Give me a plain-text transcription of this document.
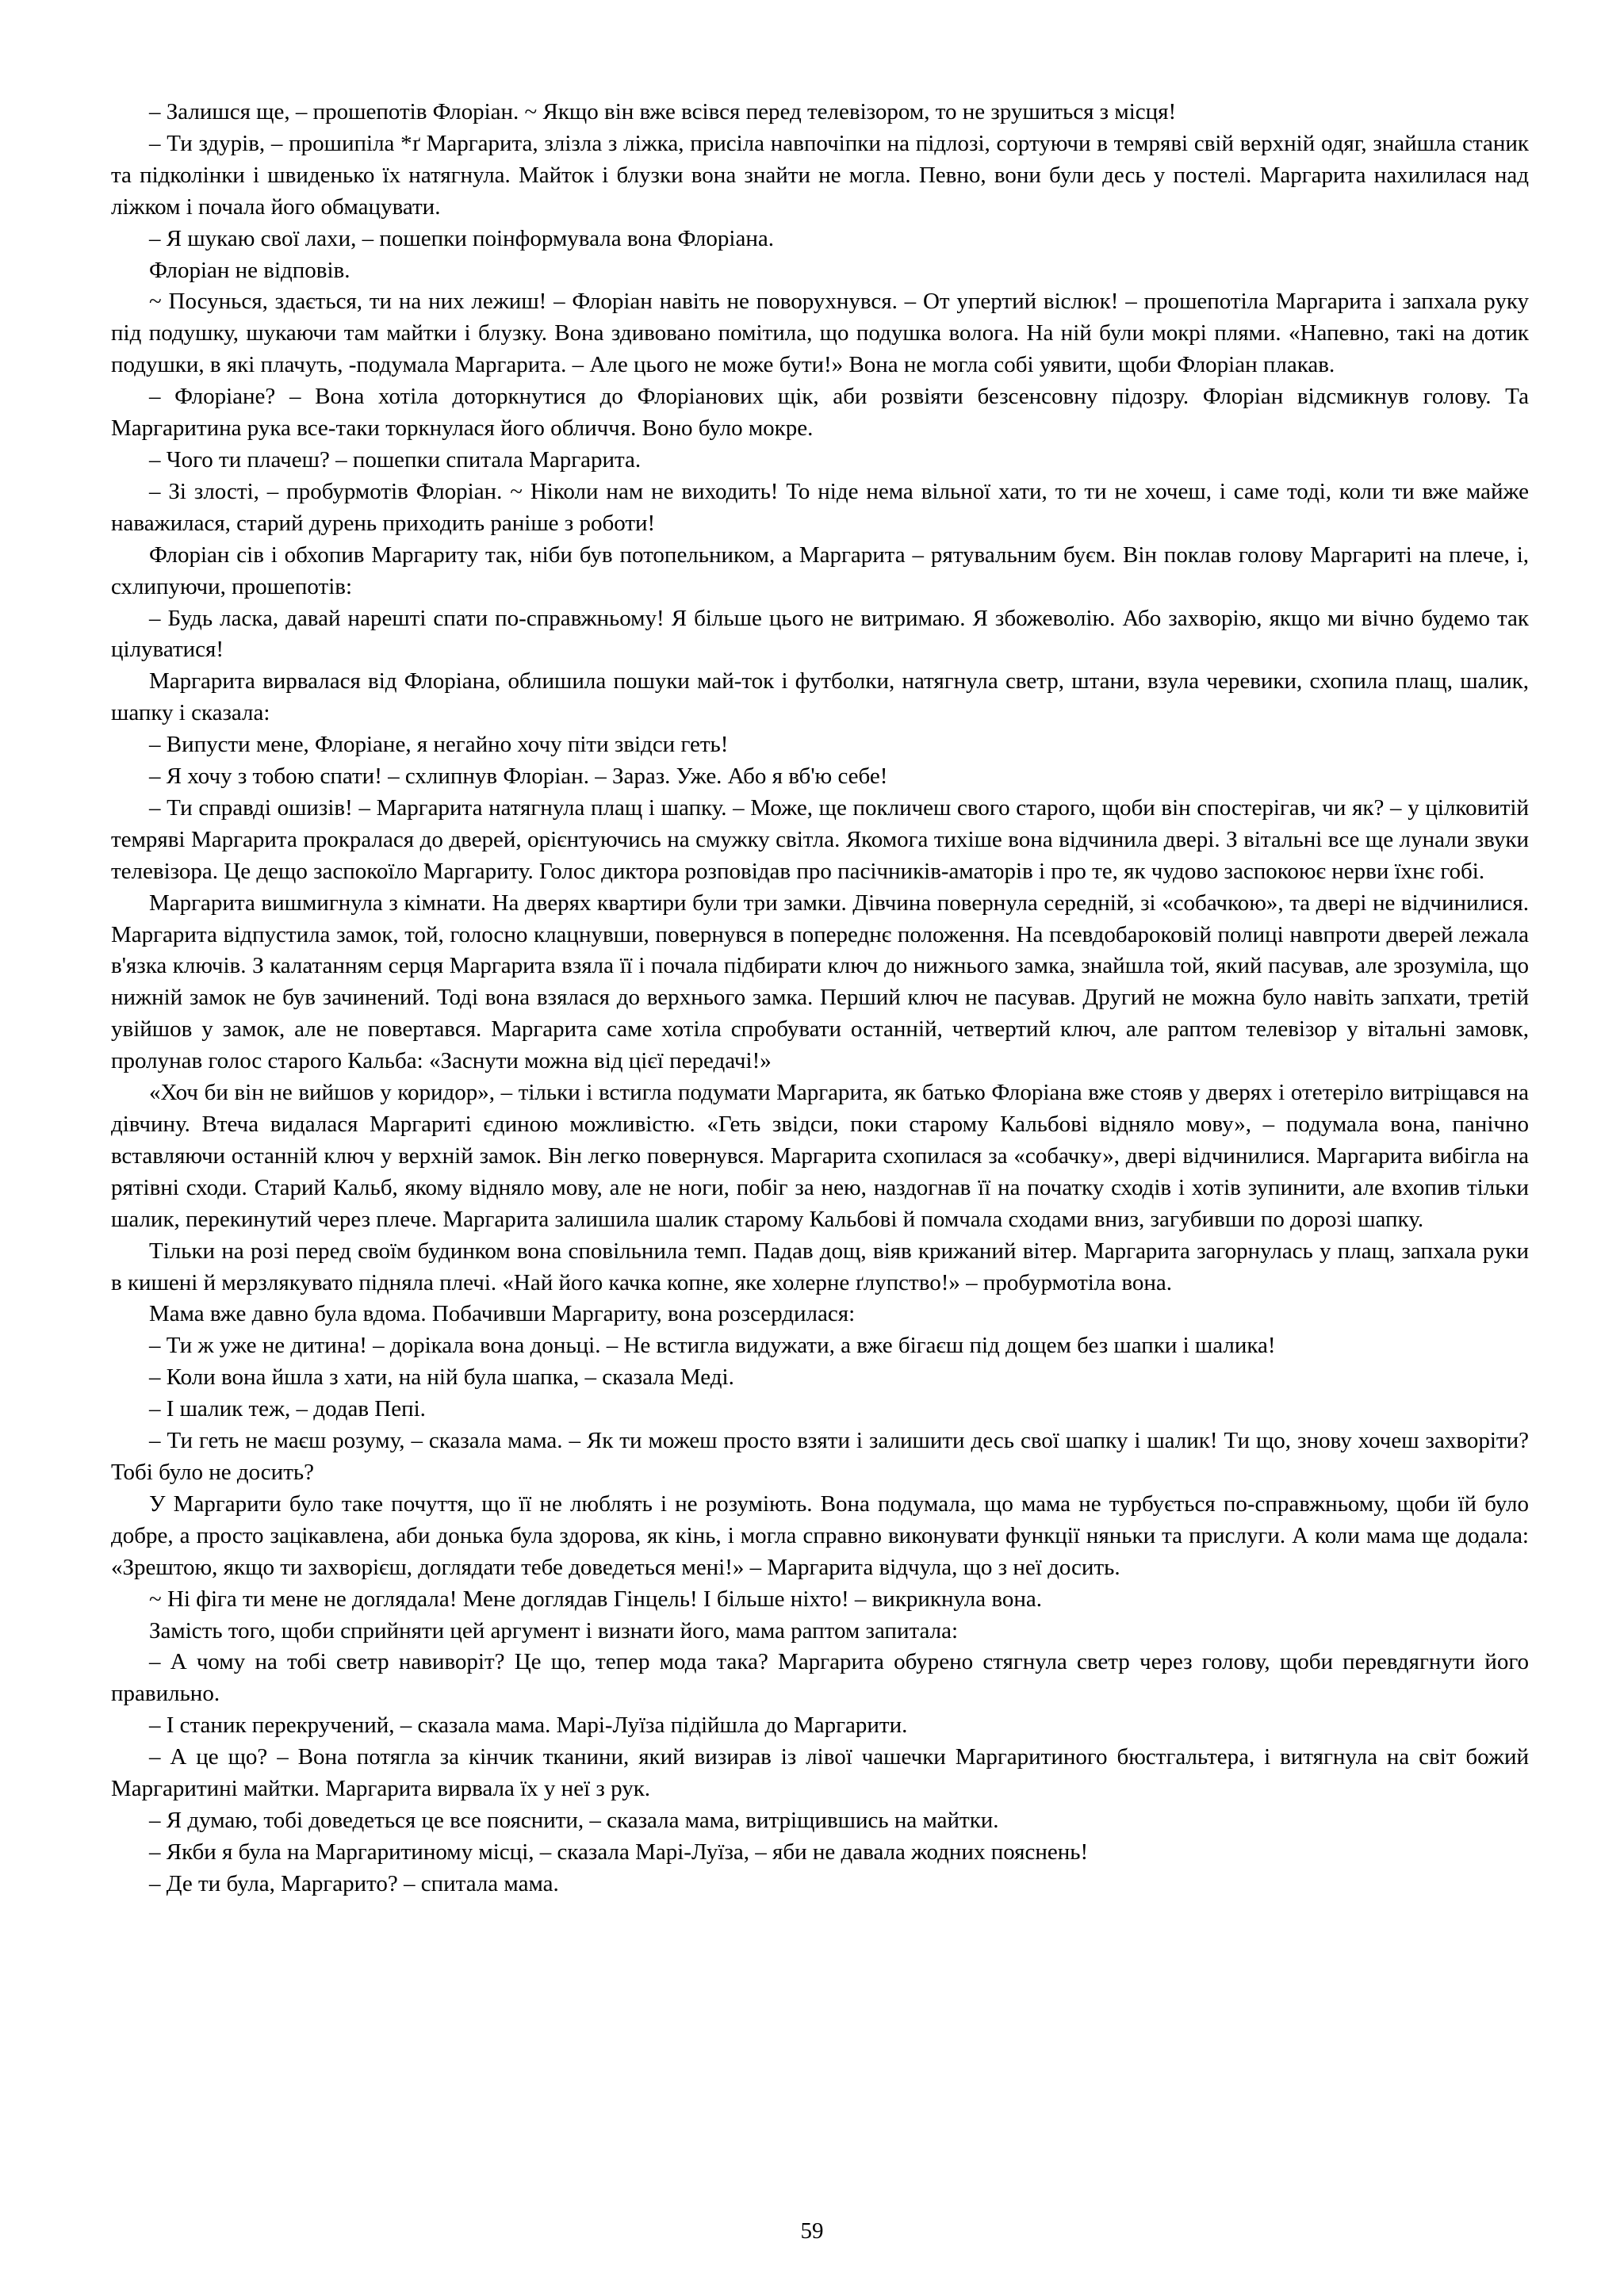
– Залишся ще, – прошепотів Флоріан. ~ Якщо він вже всівся перед телевізором, то не зрушиться з місця!

– Ти здурів, – прошипіла *ґ Маргарита, злізла з ліжка, присіла навпочіпки на підлозі, сортуючи в темряві свій верхній одяг, знайшла станик та підколінки і швиденько їх натягнула. Майток і блузки вона знайти не могла. Певно, вони були десь у постелі. Маргарита нахилилася над ліжком і почала його обмацувати.

– Я шукаю свої лахи, – пошепки поінформувала вона Флоріана.

Флоріан не відповів.

~ Посунься, здається, ти на них лежиш! – Флоріан навіть не поворухнувся. – От упертий віслюк! – прошепотіла Маргарита і запхала руку під подушку, шукаючи там майтки і блузку. Вона здивовано помітила, що подушка волога. На ній були мокрі плями. «Напевно, такі на дотик подушки, в які плачуть, -подумала Маргарита. – Але цього не може бути!» Вона не могла собі уявити, щоби Флоріан плакав.

– Флоріане? – Вона хотіла доторкнутися до Флоріанових щік, аби розвіяти безсенсовну підозру. Флоріан відсмикнув голову. Та Маргаритина рука все-таки торкнулася його обличчя. Воно було мокре.

– Чого ти плачеш? – пошепки спитала Маргарита.

– Зі злості, – пробурмотів Флоріан. ~ Ніколи нам не виходить! То ніде нема вільної хати, то ти не хочеш, і саме тоді, коли ти вже майже наважилася, старий дурень приходить раніше з роботи!

Флоріан сів і обхопив Маргариту так, ніби був потопельником, а Маргарита – рятувальним буєм. Він поклав голову Маргариті на плече, і, схлипуючи, прошепотів:

– Будь ласка, давай нарешті спати по-справжньому! Я більше цього не витримаю. Я збожеволію. Або захворію, якщо ми вічно будемо так цілуватися!

Маргарита вирвалася від Флоріана, облишила пошуки май-ток і футболки, натягнула светр, штани, взула черевики, схопила плащ, шалик, шапку і сказала:

– Випусти мене, Флоріане, я негайно хочу піти звідси геть!

– Я хочу з тобою спати! – схлипнув Флоріан. – Зараз. Уже. Або я вб'ю себе!

– Ти справді ошизів! – Маргарита натягнула плащ і шапку. – Може, ще покличеш свого старого, щоби він спостерігав, чи як? – у цілковитій темряві Маргарита прокралася до дверей, орієнтуючись на смужку світла. Якомога тихіше вона відчинила двері. З вітальні все ще лунали звуки телевізора. Це дещо заспокоїло Маргариту. Голос диктора розповідав про пасічників-аматорів і про те, як чудово заспокоює нерви їхнє гобі.

Маргарита вишмигнула з кімнати. На дверях квартири були три замки. Дівчина повернула середній, зі «собачкою», та двері не відчинилися. Маргарита відпустила замок, той, голосно клацнувши, повернувся в попереднє положення. На псевдобароковій полиці навпроти дверей лежала в'язка ключів. З калатанням серця Маргарита взяла її і почала підбирати ключ до нижнього замка, знайшла той, який пасував, але зрозуміла, що нижній замок не був зачинений. Тоді вона взялася до верхнього замка. Перший ключ не пасував. Другий не можна було навіть запхати, третій увійшов у замок, але не повертався. Маргарита саме хотіла спробувати останній, четвертий ключ, але раптом телевізор у вітальні замовк, пролунав голос старого Кальба: «Заснути можна від цієї передачі!»

«Хоч би він не вийшов у коридор», – тільки і встигла подумати Маргарита, як батько Флоріана вже стояв у дверях і отетеріло витріщався на дівчину. Втеча видалася Маргариті єдиною можливістю. «Геть звідси, поки старому Кальбові відняло мову», – подумала вона, панічно вставляючи останній ключ у верхній замок. Він легко повернувся. Маргарита схопилася за «собачку», двері відчинилися. Маргарита вибігла на рятівні сходи. Старий Кальб, якому відняло мову, але не ноги, побіг за нею, наздогнав її на початку сходів і хотів зупинити, але вхопив тільки шалик, перекинутий через плече. Маргарита залишила шалик старому Кальбові й помчала сходами вниз, загубивши по дорозі шапку.

Тільки на розі перед своїм будинком вона сповільнила темп. Падав дощ, віяв крижаний вітер. Маргарита загорнулась у плащ, запхала руки в кишені й мерзлякувато підняла плечі. «Най його качка копне, яке холерне ґлупство!» – пробурмотіла вона.

Мама вже давно була вдома. Побачивши Маргариту, вона розсердилася:

– Ти ж уже не дитина! – дорікала вона доньці. – Не встигла видужати, а вже бігаєш під дощем без шапки і шалика!

– Коли вона йшла з хати, на ній була шапка, – сказала Меді.

– І шалик теж, – додав Пепі.

– Ти геть не маєш розуму, – сказала мама. – Як ти можеш просто взяти і залишити десь свої шапку і шалик! Ти що, знову хочеш захворіти? Тобі було не досить?

У Маргарити було таке почуття, що її не люблять і не розуміють. Вона подумала, що мама не турбується по-справжньому, щоби їй було добре, а просто зацікавлена, аби донька була здорова, як кінь, і могла справно виконувати функції няньки та прислуги. А коли мама ще додала: «Зрештою, якщо ти захворієш, доглядати тебе доведеться мені!» – Маргарита відчула, що з неї досить.

~ Ні фіга ти мене не доглядала! Мене доглядав Гінцель! І більше ніхто! – викрикнула вона.

Замість того, щоби сприйняти цей аргумент і визнати його, мама раптом запитала:

– А чому на тобі светр навиворіт? Це що, тепер мода така? Маргарита обурено стягнула светр через голову, щоби перевдягнути його правильно.

– І станик перекручений, – сказала мама. Марі-Луїза підійшла до Маргарити.

– А це що? – Вона потягла за кінчик тканини, який визирав із лівої чашечки Маргаритиного бюстгальтера, і витягнула на світ божий Маргаритині майтки. Маргарита вирвала їх у неї з рук.

– Я думаю, тобі доведеться це все пояснити, – сказала мама, витріщившись на майтки.

– Якби я була на Маргаритиному місці, – сказала Марі-Луїза, – яби не давала жодних пояснень!

– Де ти була, Маргарито? – спитала мама.

59
